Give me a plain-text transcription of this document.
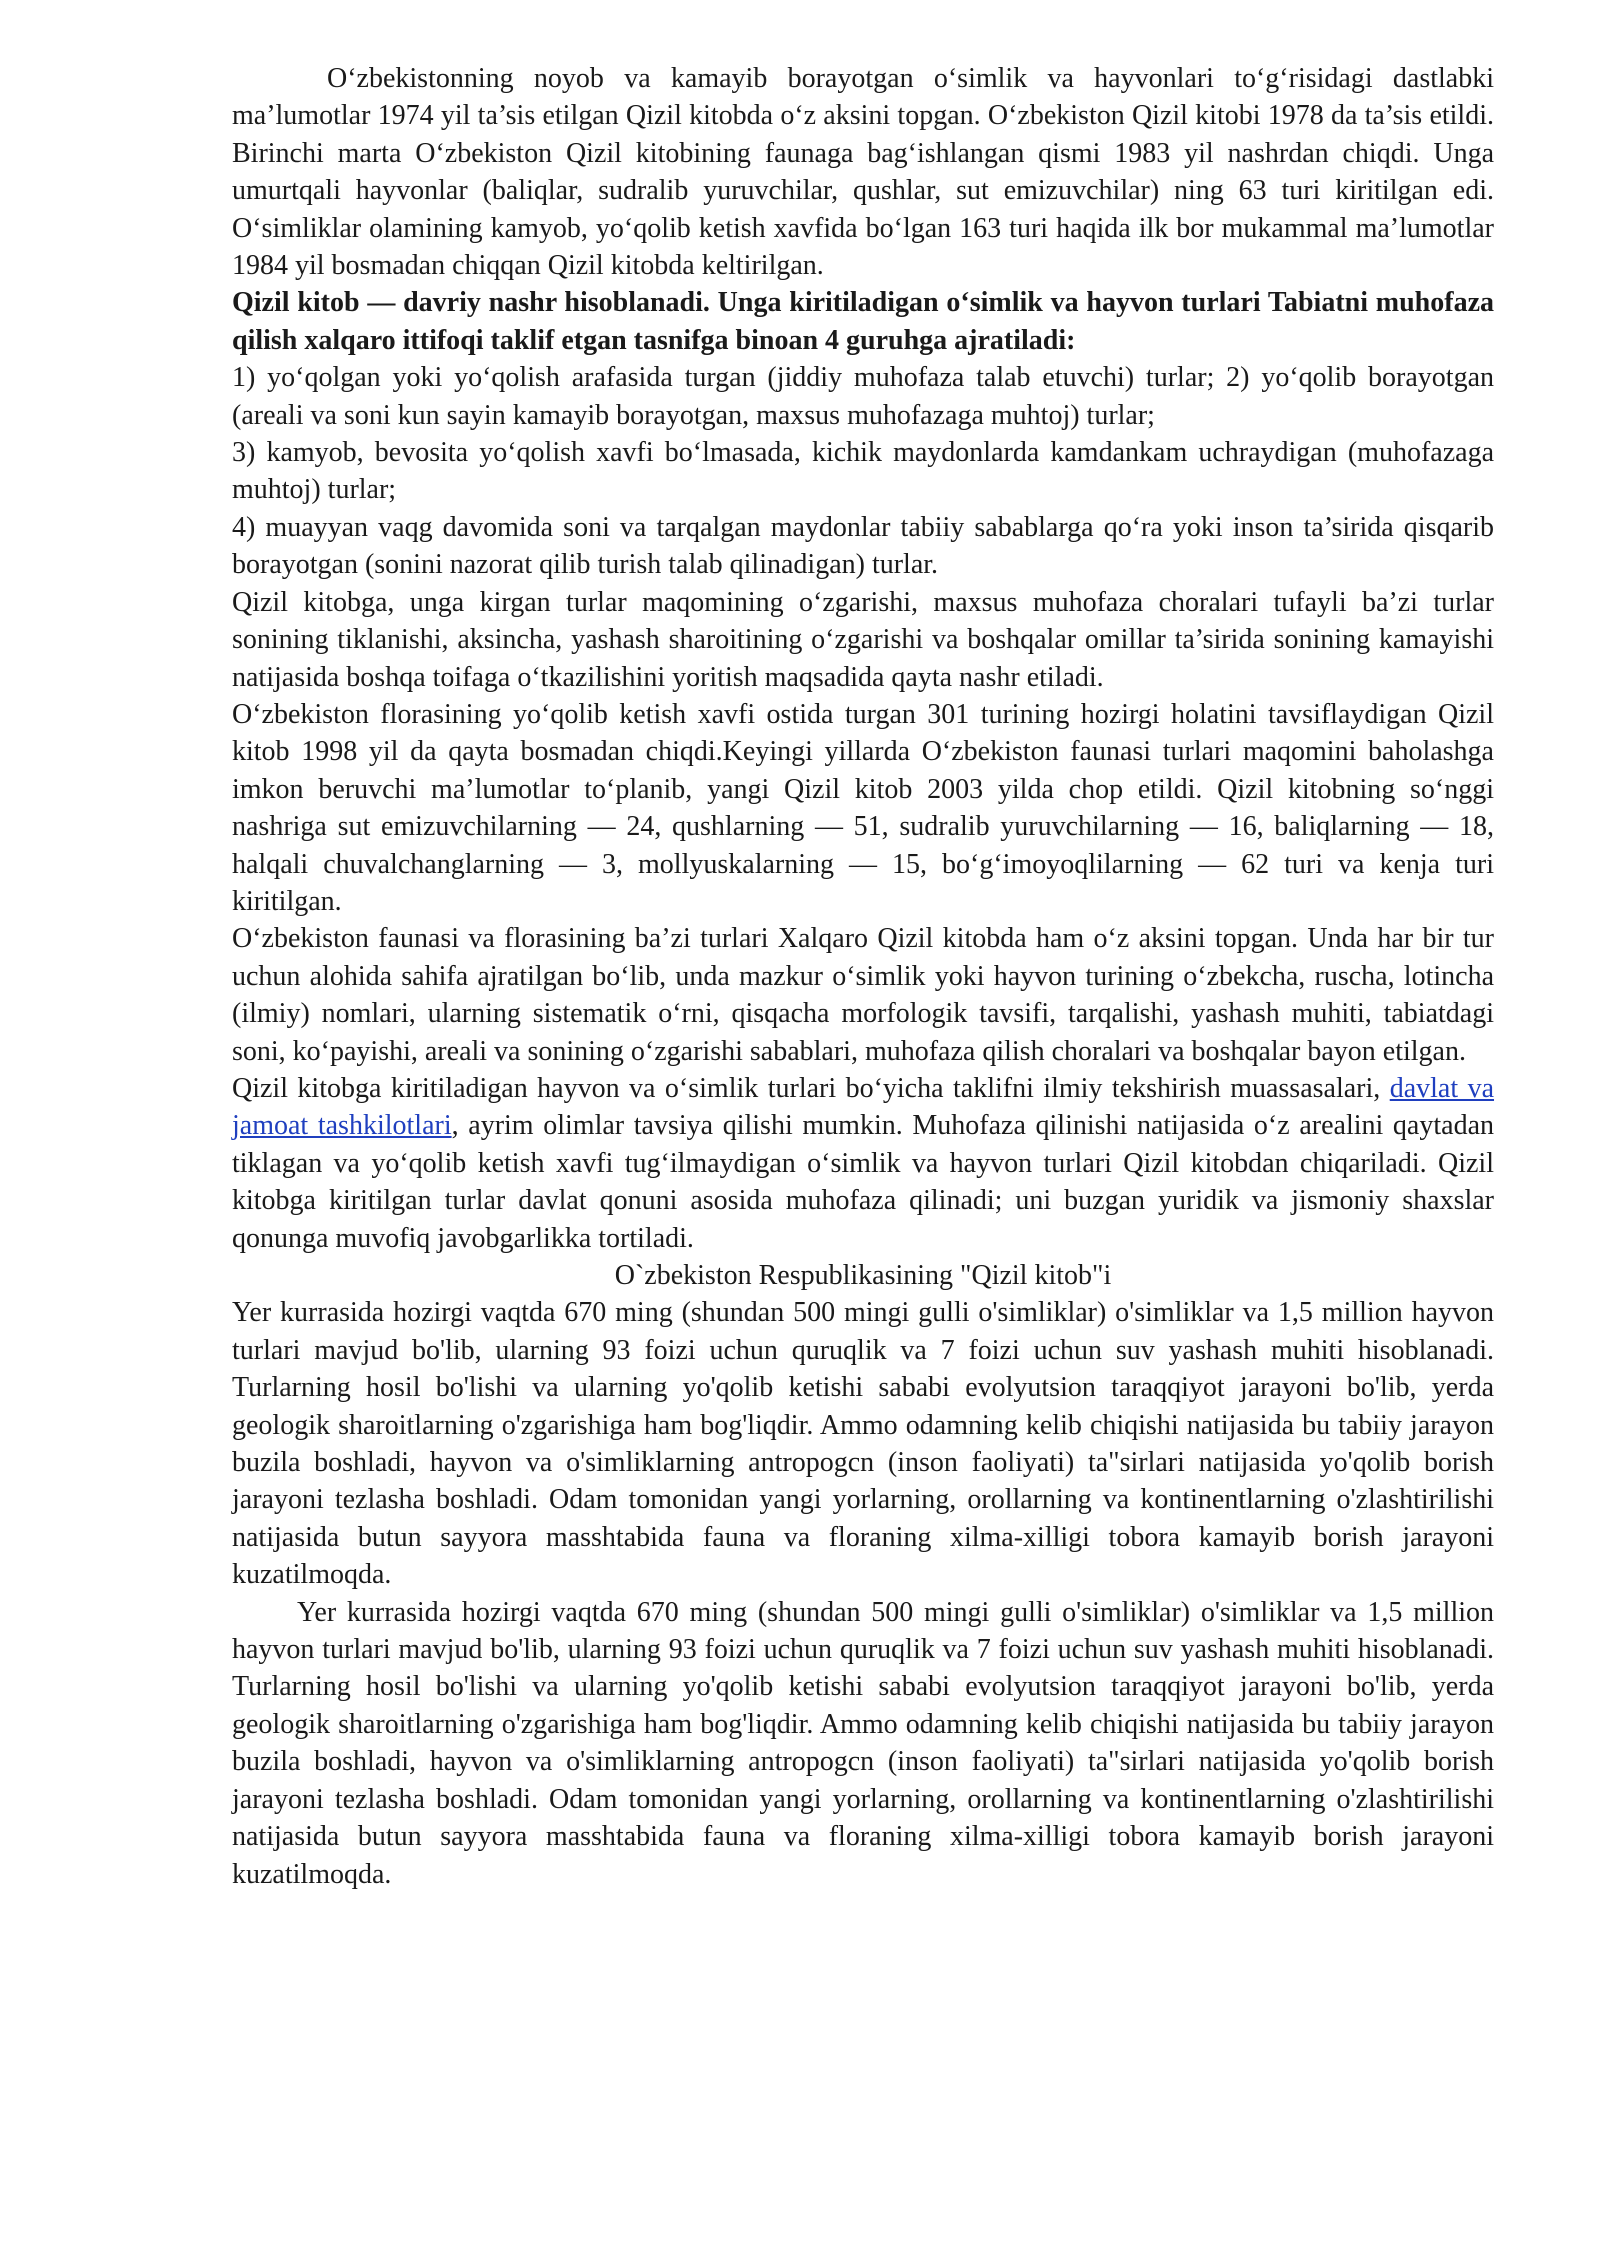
O‘zbekistonning noyob va kamayib borayotgan o‘simlik va hayvonlari to‘g‘risidagi dastlabki ma’lumotlar 1974 yil ta’sis etilgan Qizil kitobda o‘z aksini topgan. O‘zbekiston Qizil kitobi 1978 da ta’sis etildi. Birinchi marta O‘zbekiston Qizil kitobining faunaga bag‘ishlangan qismi 1983 yil nashrdan chiqdi. Unga umurtqali hayvonlar (baliqlar, sudralib yuruvchilar, qushlar, sut emizuvchilar) ning 63 turi kiritilgan edi. O‘simliklar olamining kamyob, yo‘qolib ketish xavfida bo‘lgan 163 turi haqida ilk bor mukammal ma’lumotlar 1984 yil bosmadan chiqqan Qizil kitobda keltirilgan.

Qizil kitob — davriy nashr hisoblanadi. Unga kiritiladigan o‘simlik va hayvon turlari Tabiatni muhofaza qilish xalqaro ittifoqi taklif etgan tasnifga binoan 4 guruhga ajratiladi:

1) yo‘qolgan yoki yo‘qolish arafasida turgan (jiddiy muhofaza talab etuvchi) turlar; 2) yo‘qolib borayotgan (areali va soni kun sayin kamayib borayotgan, maxsus muhofazaga muhtoj) turlar;

3) kamyob, bevosita yo‘qolish xavfi bo‘lmasada, kichik maydonlarda kamdankam uchraydigan (muhofazaga muhtoj) turlar;

4) muayyan vaqg davomida soni va tarqalgan maydonlar tabiiy sabablarga qo‘ra yoki inson ta’sirida qisqarib borayotgan (sonini nazorat qilib turish talab qilinadigan) turlar.

Qizil kitobga, unga kirgan turlar maqomining o‘zgarishi, maxsus muhofaza choralari tufayli ba’zi turlar sonining tiklanishi, aksincha, yashash sharoitining o‘zgarishi va boshqalar omillar ta’sirida sonining kamayishi natijasida boshqa toifaga o‘tkazilishini yoritish maqsadida qayta nashr etiladi.

O‘zbekiston florasining yo‘qolib ketish xavfi ostida turgan 301 turining hozirgi holatini tavsiflaydigan Qizil kitob 1998 yil da qayta bosmadan chiqdi.Keyingi yillarda O‘zbekiston faunasi turlari maqomini baholashga imkon beruvchi ma’lumotlar to‘planib, yangi Qizil kitob 2003 yilda chop etildi. Qizil kitobning so‘nggi nashriga sut emizuvchilarning — 24, qushlarning — 51, sudralib yuruvchilarning — 16, baliqlarning — 18, halqali chuvalchanglarning — 3, mollyuskalarning — 15, bo‘g‘imoyoqlilarning — 62 turi va kenja turi kiritilgan.

O‘zbekiston faunasi va florasining ba’zi turlari Xalqaro Qizil kitobda ham o‘z aksini topgan. Unda har bir tur uchun alohida sahifa ajratilgan bo‘lib, unda mazkur o‘simlik yoki hayvon turining o‘zbekcha, ruscha, lotincha (ilmiy) nomlari, ularning sistematik o‘rni, qisqacha morfologik tavsifi, tarqalishi, yashash muhiti, tabiatdagi soni, ko‘payishi, areali va sonining o‘zgarishi sabablari, muhofaza qilish choralari va boshqalar bayon etilgan.

Qizil kitobga kiritiladigan hayvon va o‘simlik turlari bo‘yicha taklifni ilmiy tekshirish muassasalari, davlat va jamoat tashkilotlari, ayrim olimlar tavsiya qilishi mumkin. Muhofaza qilinishi natijasida o‘z arealini qaytadan tiklagan va yo‘qolib ketish xavfi tug‘ilmaydigan o‘simlik va hayvon turlari Qizil kitobdan chiqariladi. Qizil kitobga kiritilgan turlar davlat qonuni asosida muhofaza qilinadi; uni buzgan yuridik va jismoniy shaxslar qonunga muvofiq javobgarlikka tortiladi.

O`zbekiston Respublikasining "Qizil kitob"i

Yer kurrasida hozirgi vaqtda 670 ming (shundan 500 mingi gulli o'simliklar) o'simliklar va 1,5 million hayvon turlari mavjud bo'lib, ularning 93 foizi uchun quruqlik va 7 foizi uchun suv yashash muhiti hisoblanadi. Turlarning hosil bo'lishi va ularning yo'qolib ketishi sababi evolyutsion taraqqiyot jarayoni bo'lib, yerda geologik sharoitlarning o'zgarishiga ham bog'liqdir. Ammo odamning kelib chiqishi natijasida bu tabiiy jarayon buzila boshladi, hayvon va o'simliklarning antropogcn (inson faoliyati) ta"sirlari natijasida yo'qolib borish jarayoni tezlasha boshladi. Odam tomonidan yangi yorlarning, orollarning va kontinentlarning o'zlashtirilishi natijasida butun sayyora masshtabida fauna va floraning xilma-xilligi tobora kamayib borish jarayoni kuzatilmoqda.

Yer kurrasida hozirgi vaqtda 670 ming (shundan 500 mingi gulli o'simliklar) o'simliklar va 1,5 million hayvon turlari mavjud bo'lib, ularning 93 foizi uchun quruqlik va 7 foizi uchun suv yashash muhiti hisoblanadi. Turlarning hosil bo'lishi va ularning yo'qolib ketishi sababi evolyutsion taraqqiyot jarayoni bo'lib, yerda geologik sharoitlarning o'zgarishiga ham bog'liqdir. Ammo odamning kelib chiqishi natijasida bu tabiiy jarayon buzila boshladi, hayvon va o'simliklarning antropogcn (inson faoliyati) ta"sirlari natijasida yo'qolib borish jarayoni tezlasha boshladi. Odam tomonidan yangi yorlarning, orollarning va kontinentlarning o'zlashtirilishi natijasida butun sayyora masshtabida fauna va floraning xilma-xilligi tobora kamayib borish jarayoni kuzatilmoqda.
